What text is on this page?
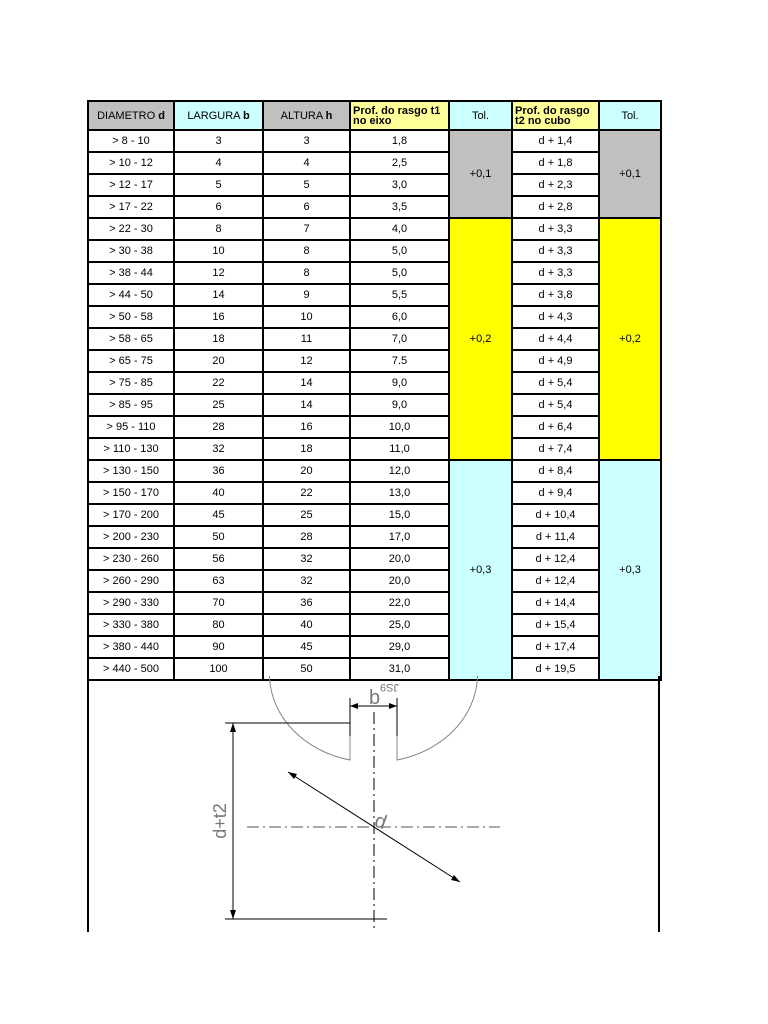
DIAMETRO d	LARGURA b	ALTURA h	Prof. do rasgo t1 no eixo	Tol.	Prof. do rasgo t2 no cubo	Tol.
> 8 - 10	3	3	1,8	+0,1	d + 1,4	+0,1
> 10 - 12	4	4	2,5		d + 1,8	
> 12 - 17	5	5	3,0		d + 2,3	
> 17 - 22	6	6	3,5		d + 2,8	
> 22 - 30	8	7	4,0	+0,2	d + 3,3	+0,2
> 30 - 38	10	8	5,0		d + 3,3	
> 38 - 44	12	8	5,0		d + 3,3	
> 44 - 50	14	9	5,5		d + 3,8	
> 50 - 58	16	10	6,0		d + 4,3	
> 58 - 65	18	11	7,0		d + 4,4	
> 65 - 75	20	12	7.5		d + 4,9	
> 75 - 85	22	14	9,0		d + 5,4	
> 85 - 95	25	14	9,0		d + 5,4	
> 95 - 110	28	16	10,0		d + 6,4	
> 110 - 130	32	18	11,0		d + 7,4	
> 130 - 150	36	20	12,0	+0,3	d + 8,4	+0,3
> 150 - 170	40	22	13,0		d + 9,4	
> 170 - 200	45	25	15,0		d + 10,4	
> 200 - 230	50	28	17,0		d + 11,4	
> 230 - 260	56	32	20,0		d + 12,4	
> 260 - 290	63	32	20,0		d + 12,4	
> 290 - 330	70	36	22,0		d + 14,4	
> 330 - 380	80	40	25,0		d + 15,4	
> 380 - 440	90	45	29,0		d + 17,4	
> 440 - 500	100	50	31,0		d + 19,5	
b JS9
d+t2	d
